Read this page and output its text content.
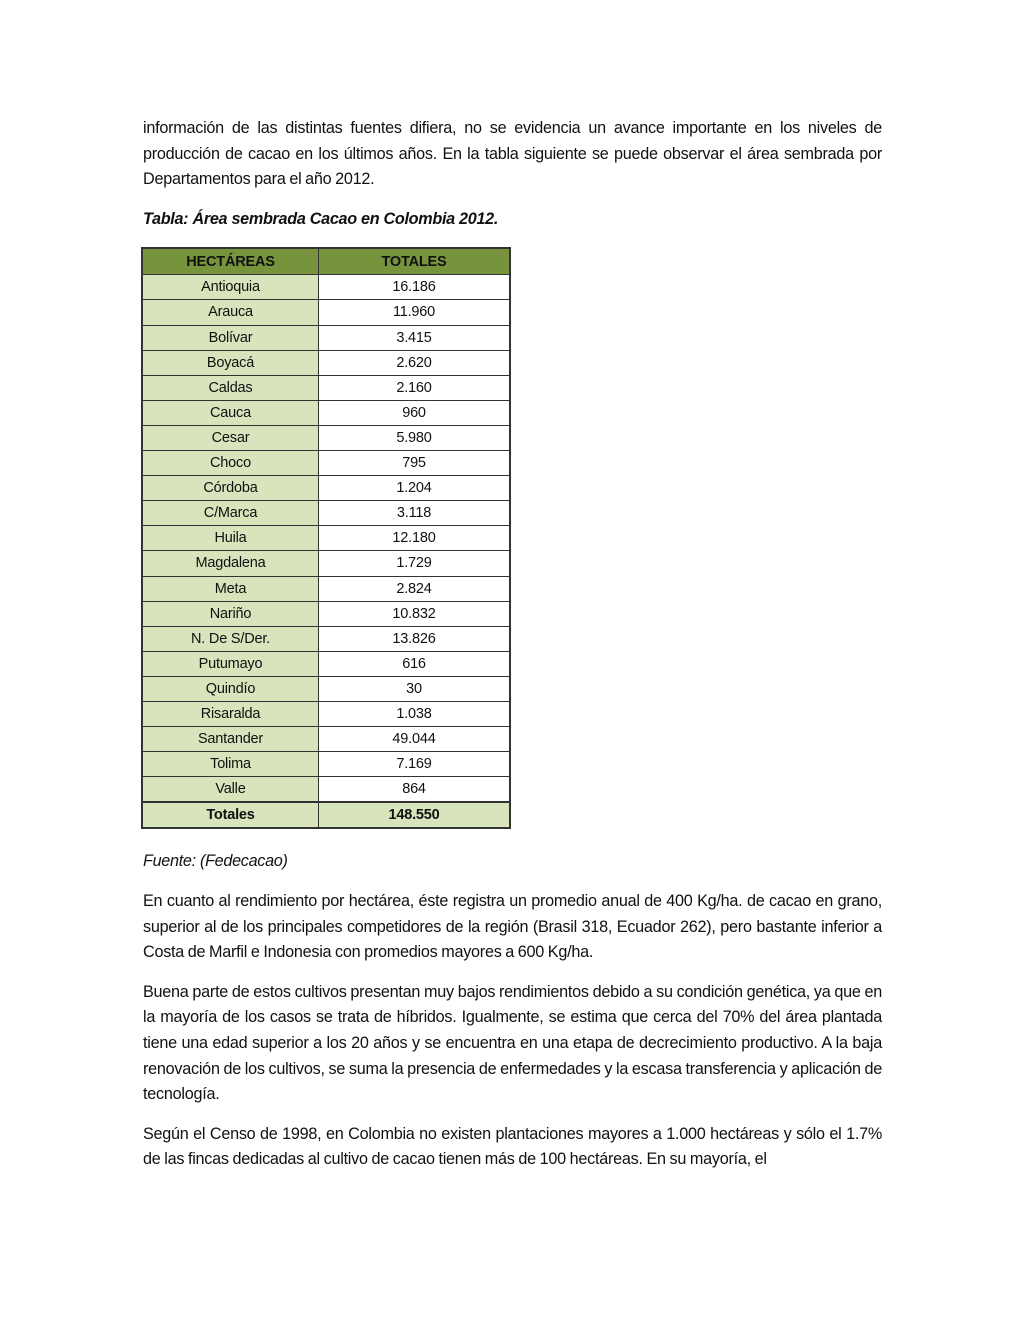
información de las distintas fuentes difiera, no se evidencia un avance importante en los niveles de producción de cacao en los últimos años. En la tabla siguiente se puede observar el área sembrada por Departamentos para el año 2012.

Tabla: Área sembrada Cacao en Colombia 2012.

HECTÁREAS	TOTALES
Antioquia	16.186
Arauca	11.960
Bolívar	3.415
Boyacá	2.620
Caldas	2.160
Cauca	960
Cesar	5.980
Choco	795
Córdoba	1.204
C/Marca	3.118
Huila	12.180
Magdalena	1.729
Meta	2.824
Nariño	10.832
N. De S/Der.	13.826
Putumayo	616
Quindío	30
Risaralda	1.038
Santander	49.044
Tolima	7.169
Valle	864
Totales	148.550

Fuente: (Fedecacao)

En cuanto al rendimiento por hectárea, éste registra un promedio anual de 400 Kg/ha. de cacao en grano, superior al de los principales competidores de la región (Brasil 318, Ecuador 262), pero bastante inferior a Costa de Marfil e Indonesia con promedios mayores a 600 Kg/ha.

Buena parte de estos cultivos presentan muy bajos rendimientos debido a su condición genética, ya que en la mayoría de los casos se trata de híbridos. Igualmente, se estima que cerca del 70% del área plantada tiene una edad superior a los 20 años y se encuentra en una etapa de decrecimiento productivo. A la baja renovación de los cultivos, se suma la presencia de enfermedades y la escasa transferencia y aplicación de tecnología.

Según el Censo de 1998, en Colombia no existen plantaciones mayores a 1.000 hectáreas y sólo el 1.7% de las fincas dedicadas al cultivo de cacao tienen más de 100 hectáreas. En su mayoría, el
